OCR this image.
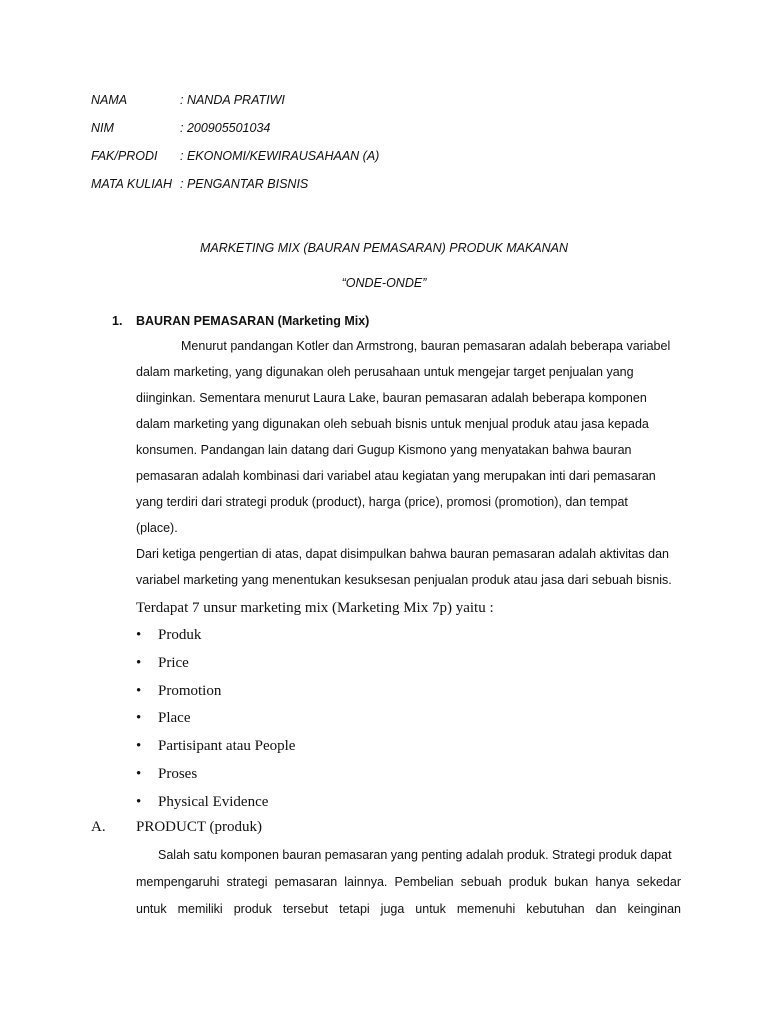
NAMA	: NANDA PRATIWI
NIM	: 200905501034
FAK/PRODI : EKONOMI/KEWIRAUSAHAAN (A)
MATA KULIAH : PENGANTAR BISNIS
MARKETING MIX (BAURAN PEMASARAN) PRODUK MAKANAN
“ONDE-ONDE”
1. BAURAN PEMASARAN (Marketing Mix)
Menurut pandangan Kotler dan Armstrong, bauran pemasaran adalah beberapa variabel
dalam marketing, yang digunakan oleh perusahaan untuk mengejar target penjualan yang
diinginkan. Sementara menurut Laura Lake, bauran pemasaran adalah beberapa komponen
dalam marketing yang digunakan oleh sebuah bisnis untuk menjual produk atau jasa kepada
konsumen. Pandangan lain datang dari Gugup Kismono yang menyatakan bahwa bauran
pemasaran adalah kombinasi dari variabel atau kegiatan yang merupakan inti dari pemasaran
yang terdiri dari strategi produk (product), harga (price), promosi (promotion), dan tempat
(place).
Dari ketiga pengertian di atas, dapat disimpulkan bahwa bauran pemasaran adalah aktivitas dan
variabel marketing yang menentukan kesuksesan penjualan produk atau jasa dari sebuah bisnis.
Terdapat 7 unsur marketing mix (Marketing Mix 7p) yaitu :
• Produk
• Price
• Promotion
• Place
• Partisipant atau People
• Proses
• Physical Evidence
A. PRODUCT (produk)
Salah satu komponen bauran pemasaran yang penting adalah produk. Strategi produk dapat
mempengaruhi strategi pemasaran lainnya. Pembelian sebuah produk bukan hanya sekedar
untuk memiliki produk tersebut tetapi juga untuk memenuhi kebutuhan dan keinginan
